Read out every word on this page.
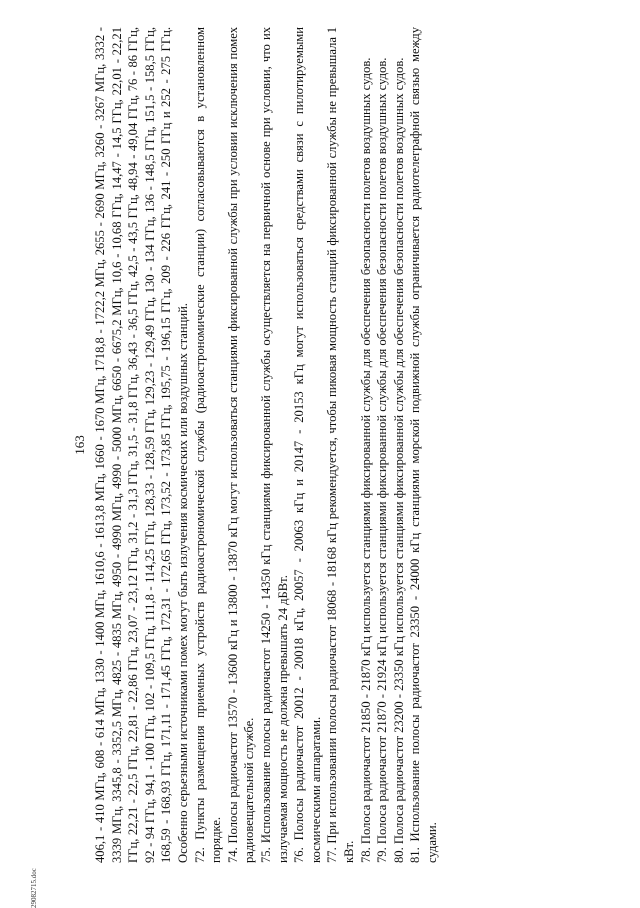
163 406,1 - 410 МГц, 608 - 614 МГц, 1330 - 1400 МГц, 1610,6 - 1613,8 МГц, 1660 - 1670 МГц, 1718,8 - 1722,2 МГц, 2655 - 2690 МГц, 3260 - 3267 МГц, 3332 - 3339 МГц, 3345,8 - 3352,5 МГц, 4825 - 4835 МГц, 4950 - 4990 МГц, 4990 - 5000 МГц, 6650 - 6675,2 МГц, 10,6 - 10,68 ГГц, 14,47 - 14,5 ГГц, 22,01 - 22,21 ГГц, 22,21 - 22,5 ГГц, 22,81 - 22,86 ГГц, 23,07 - 23,12 ГГц, 31,2 - 31,3 ГГц, 31,5 - 31,8 ГГц, 36,43 - 36,5 ГГц, 42,5 - 43,5 ГГц, 48,94 - 49,04 ГГц, 76 - 86 ГГц, 92 - 94 ГГц, 94,1 - 100 ГГц, 102 - 109,5 ГГц, 111,8 - 114,25 ГГц, 128,33 - 128,59 ГГц, 129,23 - 129,49 ГГц, 130 - 134 ГГц, 136 - 148,5 ГГц, 151,5 - 158,5 ГГц, 168,59 - 168,93 ГГц, 171,11 - 171,45 ГГц, 172,31 - 172,65 ГГц, 173,52 - 173,85 ГГц, 195,75 - 196,15 ГГц, 209 - 226 ГГц, 241 - 250 ГГц и 252 - 275 ГГц. Особенно серьезными источниками помех могут быть излучения космических или воздушных станций. 72. Пункты размещения приемных устройств радиоастрономической службы (радиоастрономические станции) согласовываются в установленном порядке. 74. Полосы радиочастот 13570 - 13600 кГц и 13800 - 13870 кГц могут использоваться станциями фиксированной службы при условии исключения помех радиовещательной службе. 75. Использование полосы радиочастот 14250 - 14350 кГц станциями фиксированной службы осуществляется на первичной основе при условии, что их излучаемая мощность не должна превышать 24 дБВт. 76. Полосы радиочастот 20012 - 20018 кГц, 20057 - 20063 кГц и 20147 - 20153 кГц могут использоваться средствами связи с пилотируемыми космическими аппаратами. 77. При использовании полосы радиочастот 18068 - 18168 кГц рекомендуется, чтобы пиковая мощность станций фиксированной службы не превышала 1 кВт. 78. Полоса радиочастот 21850 - 21870 кГц используется станциями фиксированной службы для обеспечения безопасности полетов воздушных судов. 79. Полоса радиочастот 21870 - 21924 кГц используется станциями фиксированной службы для обеспечения безопасности полетов воздушных судов. 80. Полоса радиочастот 23200 - 23350 кГц используется станциями фиксированной службы для обеспечения безопасности полетов воздушных судов. 81. Использование полосы радиочастот 23350 - 24000 кГц станциями морской подвижной службы ограничивается радиотелеграфной связью между судами.

29082715.doc
